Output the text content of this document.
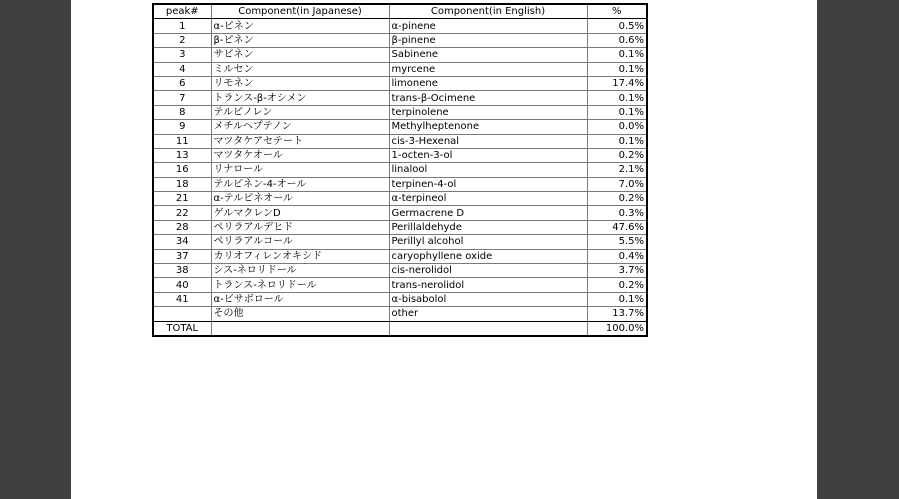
peak#	Component(in Japanese)	Component(in English)	%
1	α-ピネン	α-pinene	0.5%
2	β-ピネン	β-pinene	0.6%
3	サビネン	Sabinene	0.1%
4	ミルセン	myrcene	0.1%
6	リモネン	limonene	17.4%
7	トランス-β-オシメン	trans-β-Ocimene	0.1%
8	テルピノレン	terpinolene	0.1%
9	メチルヘプテノン	Methylheptenone	0.0%
11	マツタケアセテート	cis-3-Hexenal	0.1%
13	マツタケオール	1-octen-3-ol	0.2%
16	リナロール	linalool	2.1%
18	テルピネン-4-オール	terpinen-4-ol	7.0%
21	α-テルピネオール	α-terpineol	0.2%
22	ゲルマクレンD	Germacrene D	0.3%
28	ペリラアルデヒド	Perillaldehyde	47.6%
34	ペリラアルコール	Perillyl alcohol	5.5%
37	カリオフィレンオキシド	caryophyllene oxide	0.4%
38	シス-ネロリドール	cis-nerolidol	3.7%
40	トランス-ネロリドール	trans-nerolidol	0.2%
41	α-ビサボロール	α-bisabolol	0.1%
	その他	other	13.7%
TOTAL			100.0%
